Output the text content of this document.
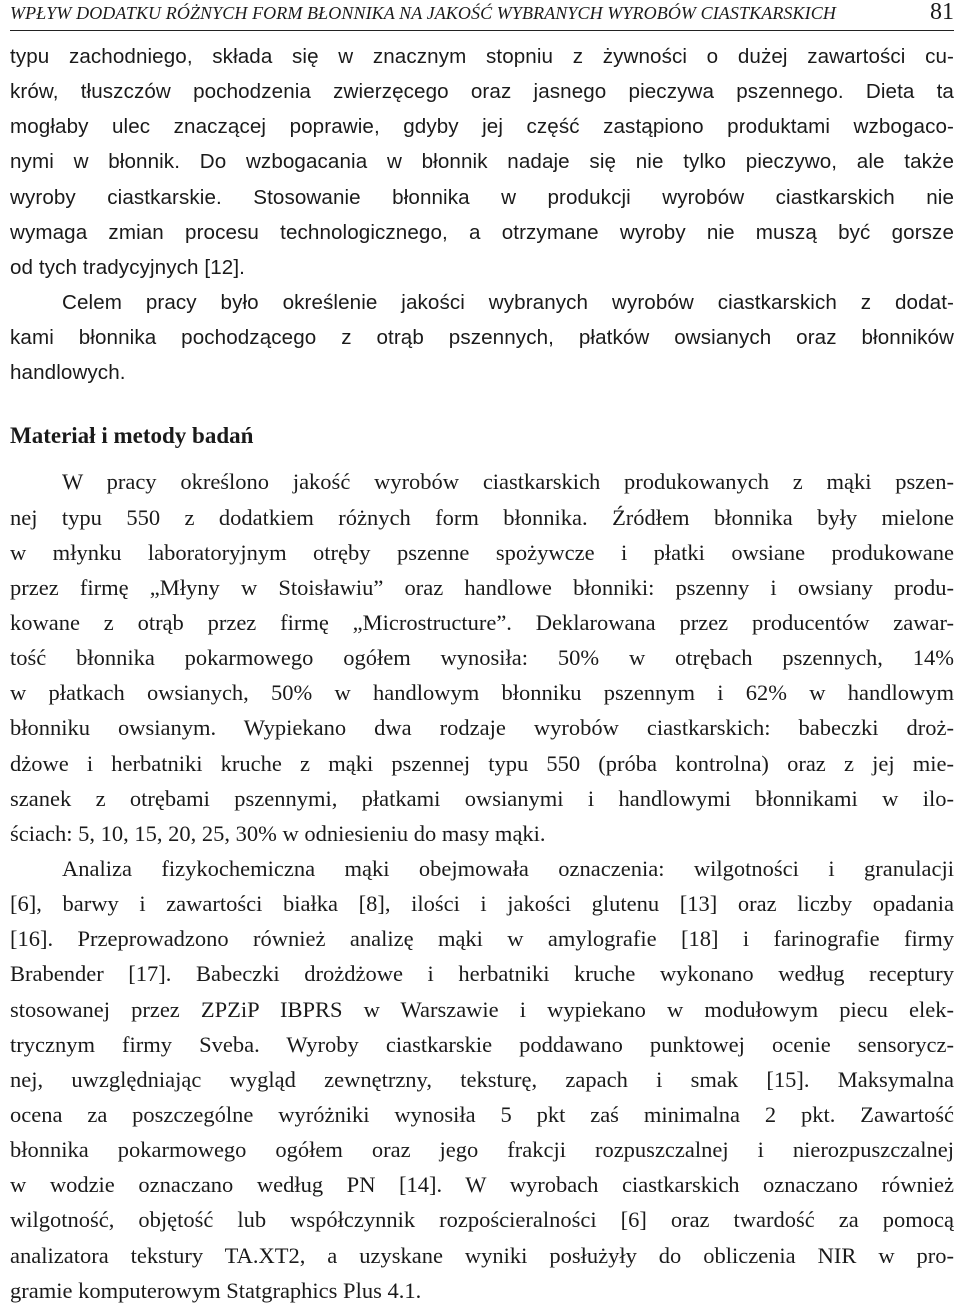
WPŁYW DODATKU RÓŻNYCH FORM BŁONNIKA NA JAKOŚĆ WYBRANYCH WYROBÓW CIASTKARSKICH	81
typu zachodniego, składa się w znacznym stopniu z żywności o dużej zawartości cu-
krów, tłuszczów pochodzenia zwierzęcego oraz jasnego pieczywa pszennego. Dieta ta
mogłaby ulec znaczącej poprawie, gdyby jej część zastąpiono produktami wzbogaco-
nymi w błonnik. Do wzbogacania w błonnik nadaje się nie tylko pieczywo, ale także
wyroby ciastkarskie. Stosowanie błonnika w produkcji wyrobów ciastkarskich nie
wymaga zmian procesu technologicznego, a otrzymane wyroby nie muszą być gorsze
od tych tradycyjnych [12].
Celem pracy było określenie jakości wybranych wyrobów ciastkarskich z dodat-
kami błonnika pochodzącego z otrąb pszennych, płatków owsianych oraz błonników
handlowych.
Materiał i metody badań
W pracy określono jakość wyrobów ciastkarskich produkowanych z mąki pszen-
nej typu 550 z dodatkiem różnych form błonnika. Źródłem błonnika były mielone
w młynku laboratoryjnym otręby pszenne spożywcze i płatki owsiane produkowane
przez firmę „Młyny w Stoisławiu” oraz handlowe błonniki: pszenny i owsiany produ-
kowane z otrąb przez firmę „Microstructure”. Deklarowana przez producentów zawar-
tość błonnika pokarmowego ogółem wynosiła: 50% w otrębach pszennych, 14%
w płatkach owsianych, 50% w handlowym błonniku pszennym i 62% w handlowym
błonniku owsianym. Wypiekano dwa rodzaje wyrobów ciastkarskich: babeczki droż-
dżowe i herbatniki kruche z mąki pszennej typu 550 (próba kontrolna) oraz z jej mie-
szanek z otrębami pszennymi, płatkami owsianymi i handlowymi błonnikami w ilo-
ściach: 5, 10, 15, 20, 25, 30% w odniesieniu do masy mąki.
Analiza fizykochemiczna mąki obejmowała oznaczenia: wilgotności i granulacji
[6], barwy i zawartości białka [8], ilości i jakości glutenu [13] oraz liczby opadania
[16]. Przeprowadzono również analizę mąki w amylografie [18] i farinografie firmy
Brabender [17]. Babeczki drożdżowe i herbatniki kruche wykonano według receptury
stosowanej przez ZPZiP IBPRS w Warszawie i wypiekano w modułowym piecu elek-
trycznym firmy Sveba. Wyroby ciastkarskie poddawano punktowej ocenie sensorycz-
nej, uwzględniając wygląd zewnętrzny, teksturę, zapach i smak [15]. Maksymalna
ocena za poszczególne wyróżniki wynosiła 5 pkt zaś minimalna 2 pkt. Zawartość
błonnika pokarmowego ogółem oraz jego frakcji rozpuszczalnej i nierozpuszczalnej
w wodzie oznaczano według PN [14]. W wyrobach ciastkarskich oznaczano również
wilgotność, objętość lub współczynnik rozpościeralności [6] oraz twardość za pomocą
analizatora tekstury TA.XT2, a uzyskane wyniki posłużyły do obliczenia NIR w pro-
gramie komputerowym Statgraphics Plus 4.1.
